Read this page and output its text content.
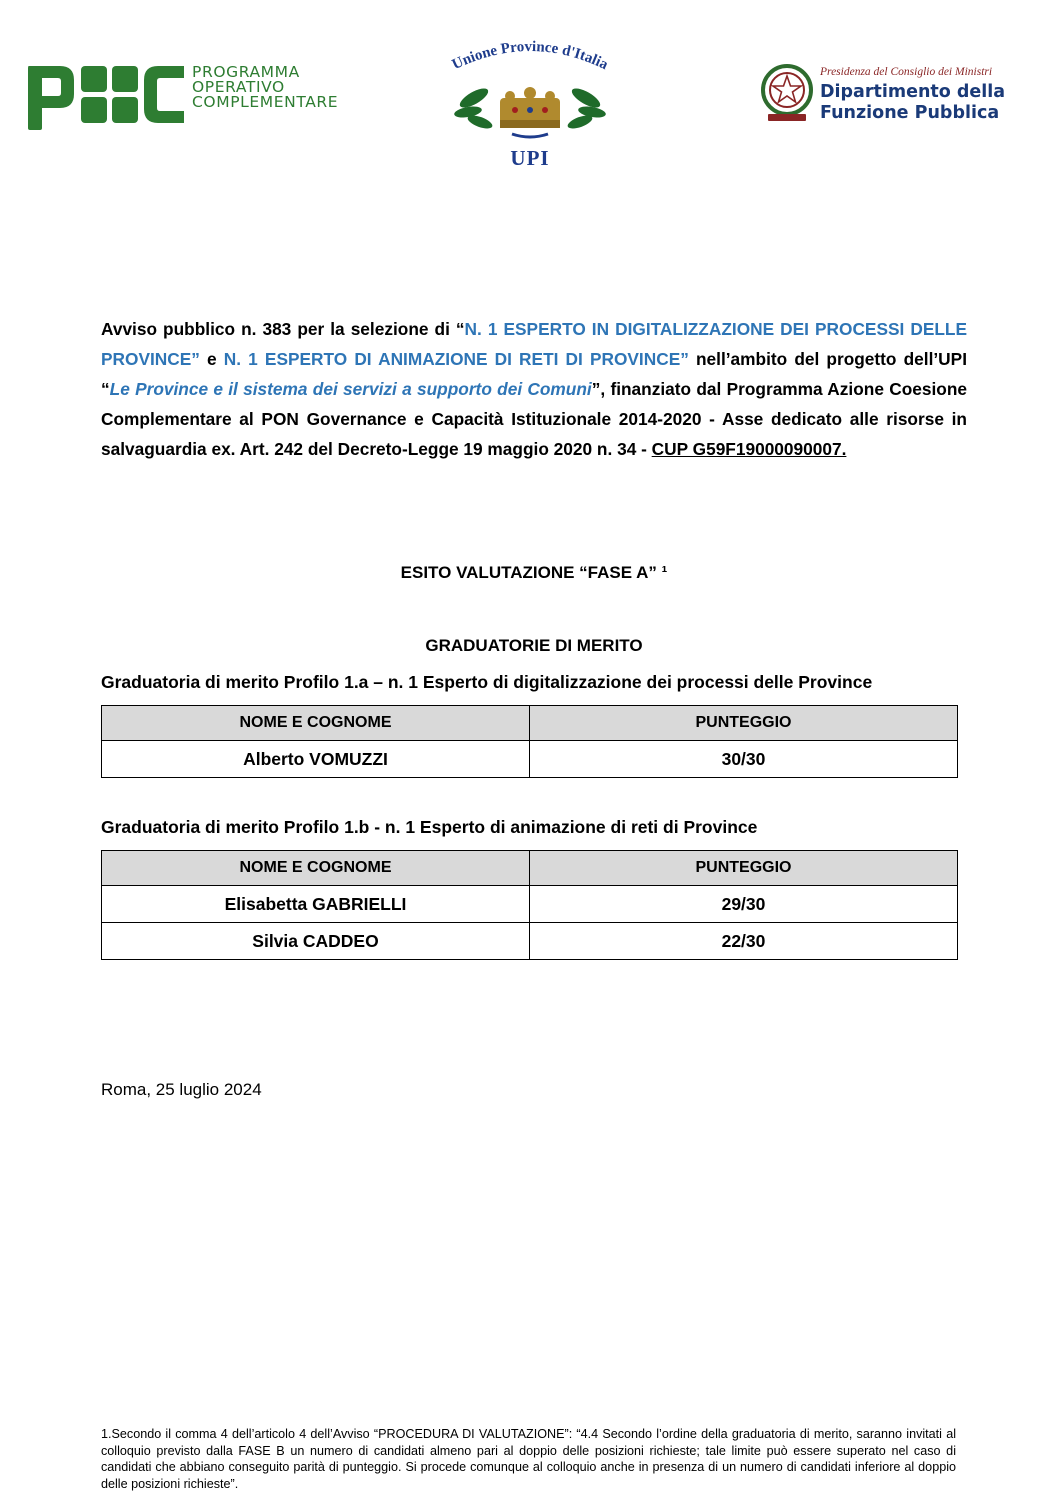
PROGRAMMA
OPERATIVO
COMPLEMENTARE
Unione Province d'Italia
UPI
Presidenza del Consiglio dei Ministri
Dipartimento della
Funzione Pubblica
Avviso pubblico n. 383 per la selezione di “N. 1 ESPERTO IN DIGITALIZZAZIONE DEI PROCESSI DELLE PROVINCE” e N. 1 ESPERTO DI ANIMAZIONE DI RETI DI PROVINCE” nell’ambito del progetto dell’UPI “Le Province e il sistema dei servizi a supporto dei Comuni”, finanziato dal Programma Azione Coesione Complementare al PON Governance e Capacità Istituzionale 2014-2020 - Asse dedicato alle risorse in salvaguardia ex. Art. 242 del Decreto-Legge 19 maggio 2020 n. 34 - CUP G59F19000090007.
ESITO VALUTAZIONE “FASE A” ¹
GRADUATORIE DI MERITO
Graduatoria di merito Profilo 1.a – n. 1 Esperto di digitalizzazione dei processi delle Province
NOME E COGNOME	PUNTEGGIO
Alberto VOMUZZI	30/30
Graduatoria di merito Profilo 1.b - n. 1 Esperto di animazione di reti di Province
NOME E COGNOME	PUNTEGGIO
Elisabetta GABRIELLI	29/30
Silvia CADDEO	22/30
Roma, 25 luglio 2024
1.Secondo il comma 4 dell’articolo 4 dell’Avviso “PROCEDURA DI VALUTAZIONE”: “4.4 Secondo l’ordine della graduatoria di merito, saranno invitati al colloquio previsto dalla FASE B un numero di candidati almeno pari al doppio delle posizioni richieste; tale limite può essere superato nel caso di candidati che abbiano conseguito parità di punteggio. Si procede comunque al colloquio anche in presenza di un numero di candidati inferiore al doppio delle posizioni richieste”.
